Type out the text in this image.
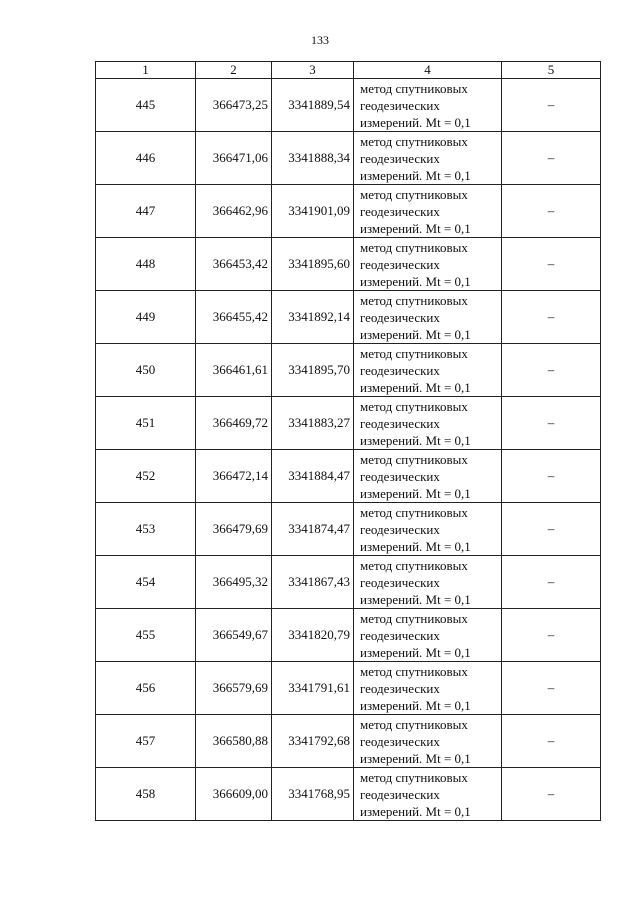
133
1	2	3	4	5
445	366473,25	3341889,54	метод спутниковых
геодезических
измерений. Mt = 0,1	–
446	366471,06	3341888,34	метод спутниковых
геодезических
измерений. Mt = 0,1	–
447	366462,96	3341901,09	метод спутниковых
геодезических
измерений. Mt = 0,1	–
448	366453,42	3341895,60	метод спутниковых
геодезических
измерений. Mt = 0,1	–
449	366455,42	3341892,14	метод спутниковых
геодезических
измерений. Mt = 0,1	–
450	366461,61	3341895,70	метод спутниковых
геодезических
измерений. Mt = 0,1	–
451	366469,72	3341883,27	метод спутниковых
геодезических
измерений. Mt = 0,1	–
452	366472,14	3341884,47	метод спутниковых
геодезических
измерений. Mt = 0,1	–
453	366479,69	3341874,47	метод спутниковых
геодезических
измерений. Mt = 0,1	–
454	366495,32	3341867,43	метод спутниковых
геодезических
измерений. Mt = 0,1	–
455	366549,67	3341820,79	метод спутниковых
геодезических
измерений. Mt = 0,1	–
456	366579,69	3341791,61	метод спутниковых
геодезических
измерений. Mt = 0,1	–
457	366580,88	3341792,68	метод спутниковых
геодезических
измерений. Mt = 0,1	–
458	366609,00	3341768,95	метод спутниковых
геодезических
измерений. Mt = 0,1	–
